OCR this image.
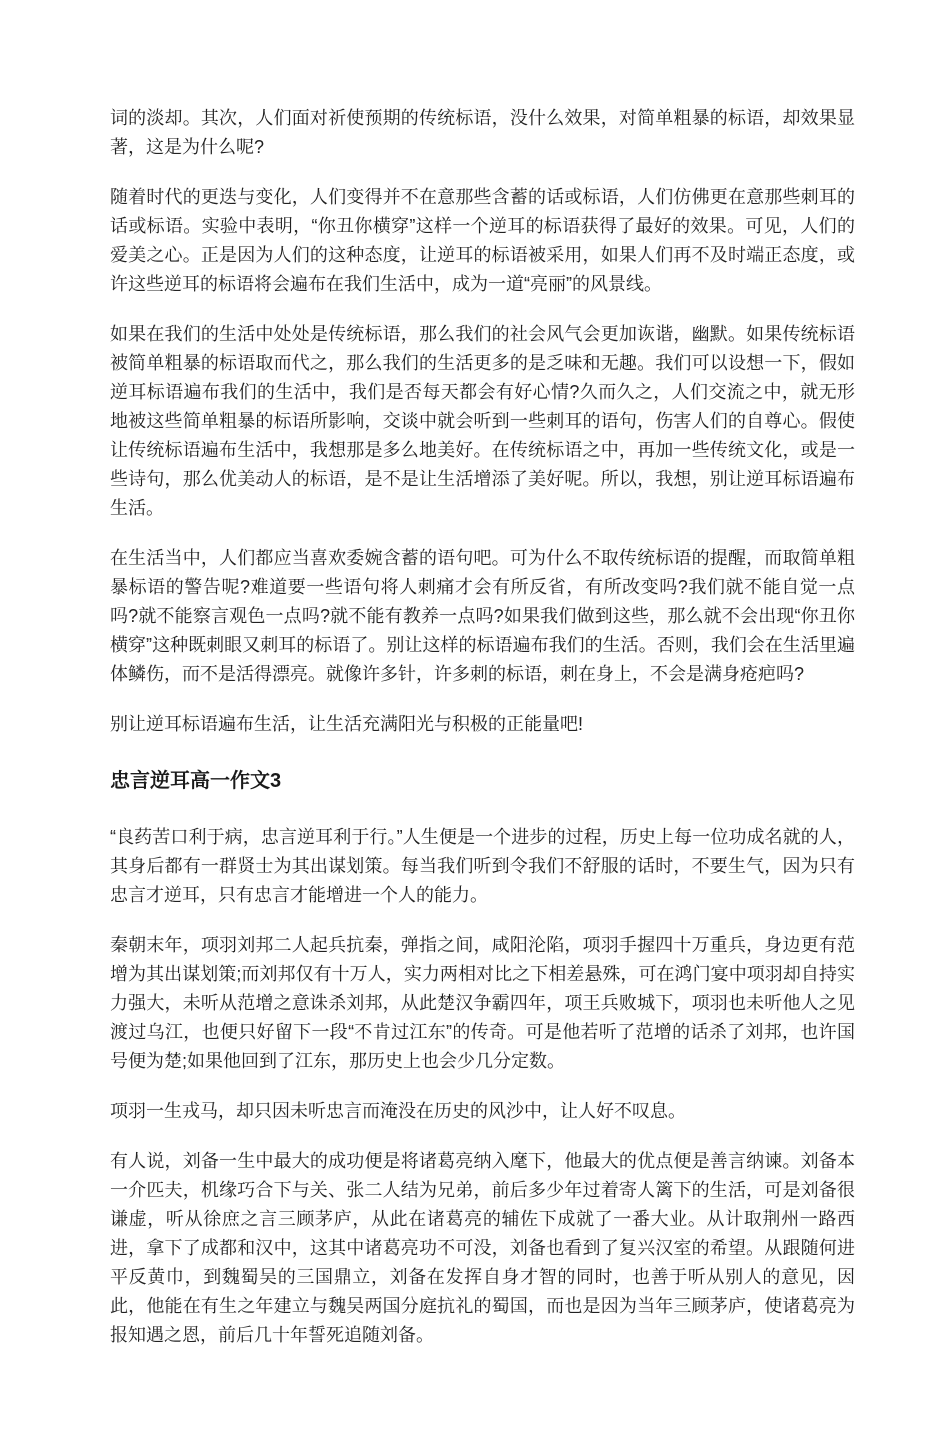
词的淡却。其次，人们面对祈使预期的传统标语，没什么效果，对简单粗暴的标语，却效果显著，这是为什么呢?

随着时代的更迭与变化，人们变得并不在意那些含蓄的话或标语，人们仿佛更在意那些刺耳的话或标语。实验中表明，“你丑你横穿”这样一个逆耳的标语获得了最好的效果。可见，人们的爱美之心。正是因为人们的这种态度，让逆耳的标语被采用，如果人们再不及时端正态度，或许这些逆耳的标语将会遍布在我们生活中，成为一道“亮丽”的风景线。

如果在我们的生活中处处是传统标语，那么我们的社会风气会更加诙谐，幽默。如果传统标语被简单粗暴的标语取而代之，那么我们的生活更多的是乏味和无趣。我们可以设想一下，假如逆耳标语遍布我们的生活中，我们是否每天都会有好心情?久而久之，人们交流之中，就无形地被这些简单粗暴的标语所影响，交谈中就会听到一些刺耳的语句，伤害人们的自尊心。假使让传统标语遍布生活中，我想那是多么地美好。在传统标语之中，再加一些传统文化，或是一些诗句，那么优美动人的标语，是不是让生活增添了美好呢。所以，我想，别让逆耳标语遍布生活。

在生活当中，人们都应当喜欢委婉含蓄的语句吧。可为什么不取传统标语的提醒，而取简单粗暴标语的警告呢?难道要一些语句将人刺痛才会有所反省，有所改变吗?我们就不能自觉一点吗?就不能察言观色一点吗?就不能有教养一点吗?如果我们做到这些，那么就不会出现“你丑你横穿”这种既刺眼又刺耳的标语了。别让这样的标语遍布我们的生活。否则，我们会在生活里遍体鳞伤，而不是活得漂亮。就像许多针，许多刺的标语，刺在身上，不会是满身疮疤吗?

别让逆耳标语遍布生活，让生活充满阳光与积极的正能量吧!

忠言逆耳高一作文3

“良药苦口利于病，忠言逆耳利于行。”人生便是一个进步的过程，历史上每一位功成名就的人，其身后都有一群贤士为其出谋划策。每当我们听到令我们不舒服的话时，不要生气，因为只有忠言才逆耳，只有忠言才能增进一个人的能力。

秦朝末年，项羽刘邦二人起兵抗秦，弹指之间，咸阳沦陷，项羽手握四十万重兵，身边更有范增为其出谋划策;而刘邦仅有十万人，实力两相对比之下相差悬殊，可在鸿门宴中项羽却自持实力强大，未听从范增之意诛杀刘邦，从此楚汉争霸四年，项王兵败城下，项羽也未听他人之见渡过乌江，也便只好留下一段“不肯过江东”的传奇。可是他若听了范增的话杀了刘邦，也许国号便为楚;如果他回到了江东，那历史上也会少几分定数。

项羽一生戎马，却只因未听忠言而淹没在历史的风沙中，让人好不叹息。

有人说，刘备一生中最大的成功便是将诸葛亮纳入麾下，他最大的优点便是善言纳谏。刘备本一介匹夫，机缘巧合下与关、张二人结为兄弟，前后多少年过着寄人篱下的生活，可是刘备很谦虚，听从徐庶之言三顾茅庐，从此在诸葛亮的辅佐下成就了一番大业。从计取荆州一路西进，拿下了成都和汉中，这其中诸葛亮功不可没，刘备也看到了复兴汉室的希望。从跟随何进平反黄巾，到魏蜀吴的三国鼎立，刘备在发挥自身才智的同时，也善于听从别人的意见，因此，他能在有生之年建立与魏吴两国分庭抗礼的蜀国，而也是因为当年三顾茅庐，使诸葛亮为报知遇之恩，前后几十年誓死追随刘备。
